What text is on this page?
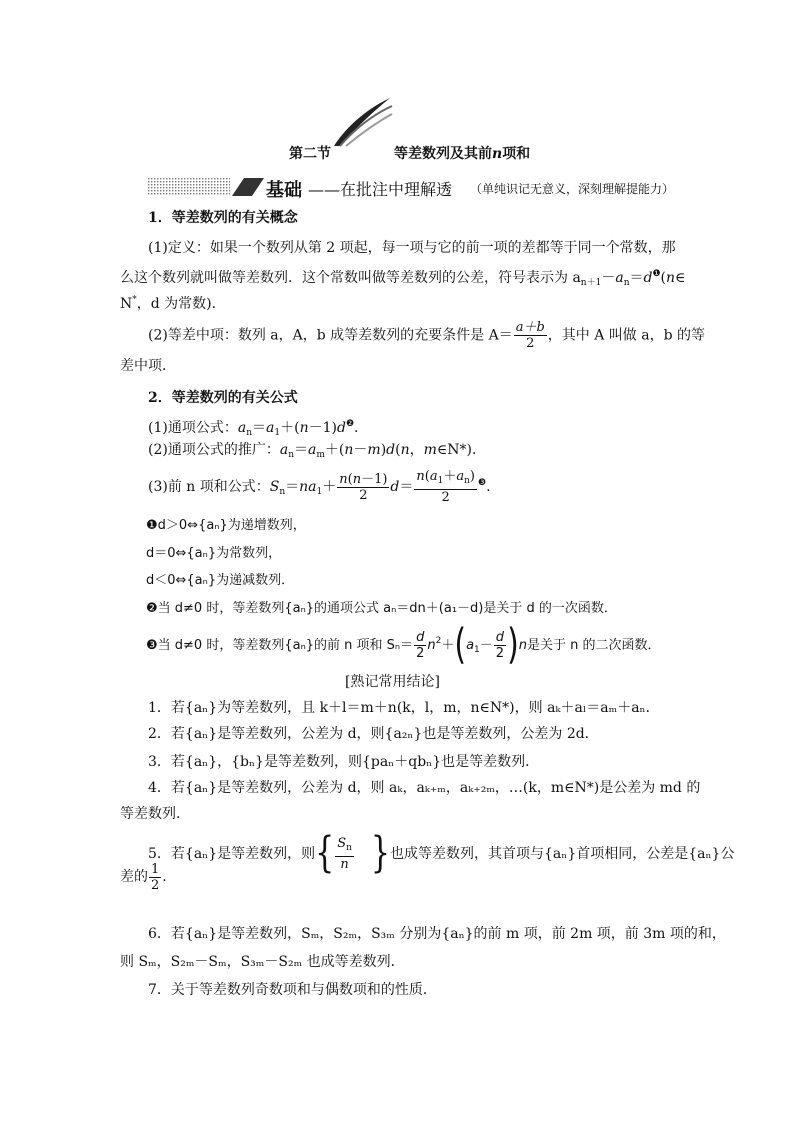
第二节	等差数列及其前n项和
基础 ——在批注中理解透 （单纯识记无意义，深刻理解提能力）
1．等差数列的有关概念
(1)定义：如果一个数列从第 2 项起，每一项与它的前一项的差都等于同一个常数，那
么这个数列就叫做等差数列．这个常数叫做等差数列的公差，符号表示为 $a_{n+1}-a_n=d^❶(n\in$
N*，d 为常数)．
(2)等差中项：数列 a，A，b 成等差数列的充要条件是 $A= \frac{a+b}{2}$ ，其中 A 叫做 a，b 的等
差中项．
2．等差数列的有关公式
(1)通项公式：$a_n=a_1+(n-1)d^❷$.
(2)通项公式的推广：$a_n=a_m+(n-m)d(n$，m∈N*)．
(3)前 n 项和公式：$S_n=na_1+ \frac{n(n-1)}{2} d= \frac{n(a_1+a_n)}{2} ^❸$.
❶d＞0⇔{aₙ}为递增数列，
d＝0⇔{aₙ}为常数列，
d＜0⇔{aₙ}为递减数列．
❷当 d≠0 时，等差数列{aₙ}的通项公式 aₙ＝dn＋(a₁－d)是关于 d 的一次函数．
❸当 d≠0 时，等差数列{aₙ}的前 n 项和 $S_n= \frac{d}{2} n^2+(a_1- \frac{d}{2} )n$是关于 n 的二次函数．
[熟记常用结论]
1．若{aₙ}为等差数列，且 k＋l＝m＋n(k，l，m，n∈N*)，则 aₖ＋aₗ＝aₘ＋aₙ．
2．若{aₙ}是等差数列，公差为 d，则{a₂ₙ}也是等差数列，公差为 2d．
3．若{aₙ}，{bₙ}是等差数列，则{paₙ＋qbₙ}也是等差数列．
4．若{aₙ}是等差数列，公差为 d，则 aₖ，aₖ₊ₘ，aₖ₊₂ₘ，…(k，m∈N*)是公差为 md 的
等差数列．
5．若{aₙ}是等差数列，则{ $\frac{S_n}{n}$ }也成等差数列，其首项与{aₙ}首项相同，公差是{aₙ}公
差的 $\frac{1}{2}$ .
6．若{aₙ}是等差数列，Sₘ，S₂ₘ，S₃ₘ 分别为{aₙ}的前 m 项，前 2m 项，前 3m 项的和，
则 Sₘ，S₂ₘ－Sₘ，S₃ₘ－S₂ₘ 也成等差数列．
7．关于等差数列奇数项和与偶数项和的性质．
